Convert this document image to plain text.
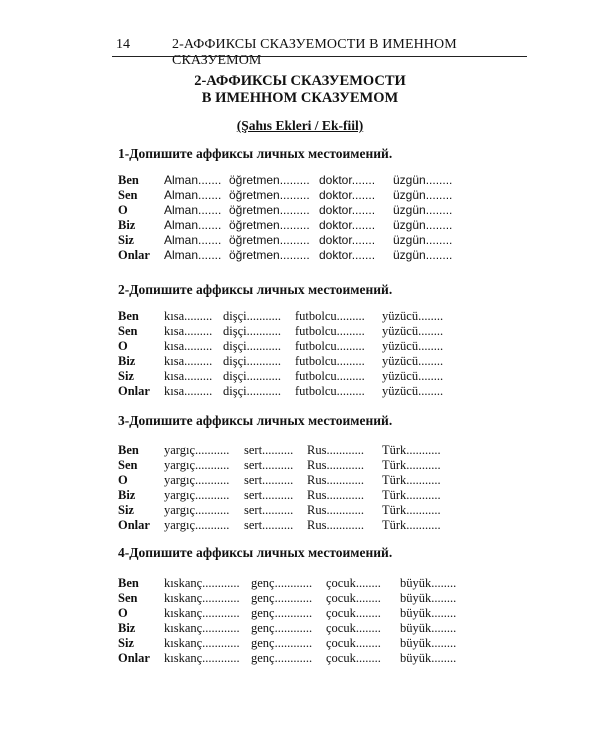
14	2-АФФИКСЫ СКАЗУЕМОСТИ В ИМЕННОМ СКАЗУЕМОМ
2-АФФИКСЫ СКАЗУЕМОСТИ
В ИМЕННОМ СКАЗУЕМОМ
(Şahıs Ekleri / Ek-fiil)
1-Допишите аффиксы личных местоимений.
Ben Alman....... öğretmen......... doktor....... üzgün........
Sen Alman....... öğretmen......... doktor....... üzgün........
O	Alman....... öğretmen......... doktor....... üzgün........
Biz Alman....... öğretmen......... doktor....... üzgün........
Siz	Alman....... öğretmen......... doktor....... üzgün........
Onlar Alman....... öğretmen......... doktor....... üzgün........
2-Допишите аффиксы личных местоимений.
Ben kısa......... dişçi........... futbolcu......... yüzücü........
Sen kısa......... dişçi........... futbolcu......... yüzücü........
O	kısa......... dişçi........... futbolcu......... yüzücü........
Biz kısa......... dişçi........... futbolcu......... yüzücü........
Siz kısa......... dişçi........... futbolcu......... yüzücü........
Onlar kısa......... dişçi........... futbolcu......... yüzücü........
3-Допишите аффиксы личных местоимений.
Ben yargıç........... sert.......... Rus............ Türk...........
Sen yargıç........... sert.......... Rus............ Türk...........
O	yargıç........... sert.......... Rus............ Türk...........
Biz yargıç........... sert.......... Rus............ Türk...........
Siz yargıç........... sert.......... Rus............ Türk...........
Onlar yargıç........... sert.......... Rus............ Türk...........
4-Допишите аффиксы личных местоимений.
Ben kıskanç............ genç............ çocuk........ büyük........
Sen kıskanç............ genç............ çocuk........ büyük........
O	kıskanç............ genç............ çocuk........ büyük........
Biz kıskanç............ genç............ çocuk........ büyük........
Siz kıskanç............ genç............ çocuk........ büyük........
Onlar kıskanç............ genç............ çocuk........ büyük........
